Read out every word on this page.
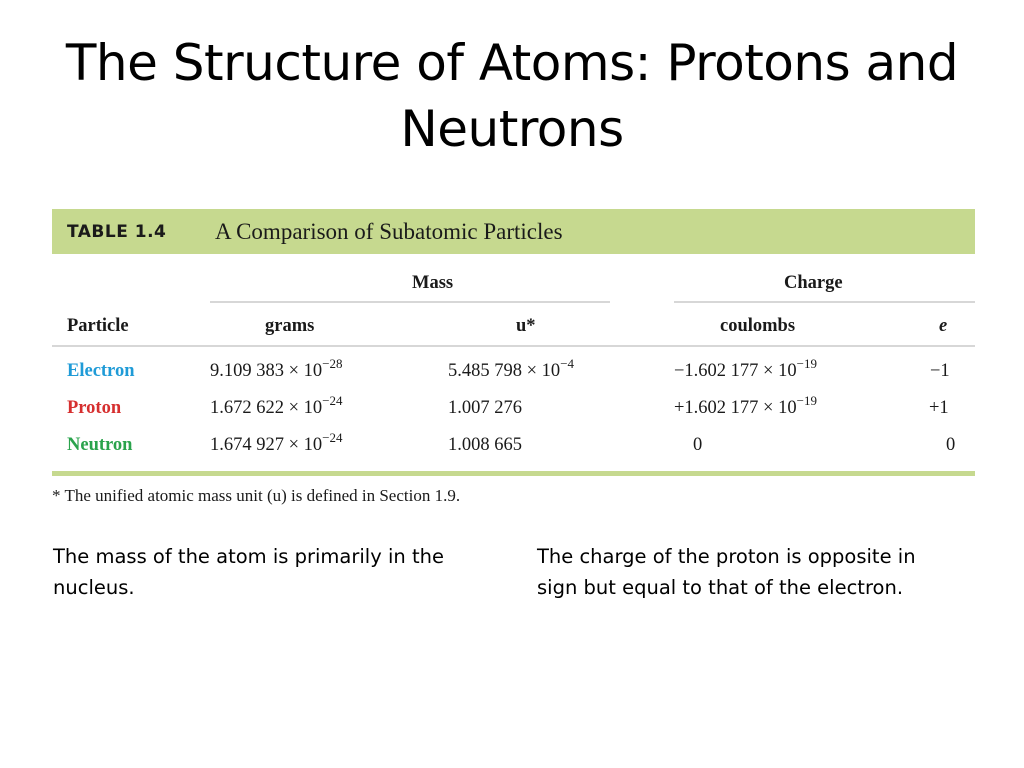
The Structure of Atoms: Protons and Neutrons
TABLE 1.4	A Comparison of Subatomic Particles
Mass	Charge
Particle	grams	u*	coulombs	e
Electron	9.109 $383 \times 10^{-28}$	5.485 $798 \times 10^{-4}$	−1.602 $177 \times 10^{-19}$	−1
Proton	1.672 $622 \times 10^{-24}$	1.007 276	+1.602 $177 \times 10^{-19}$	+1
Neutron	1.674 $927 \times 10^{-24}$	1.008 665	0	0
* The unified atomic mass unit (u) is defined in Section 1.9.
The mass of the atom is primarily in the nucleus.
The charge of the proton is opposite in sign but equal to that of the electron.
